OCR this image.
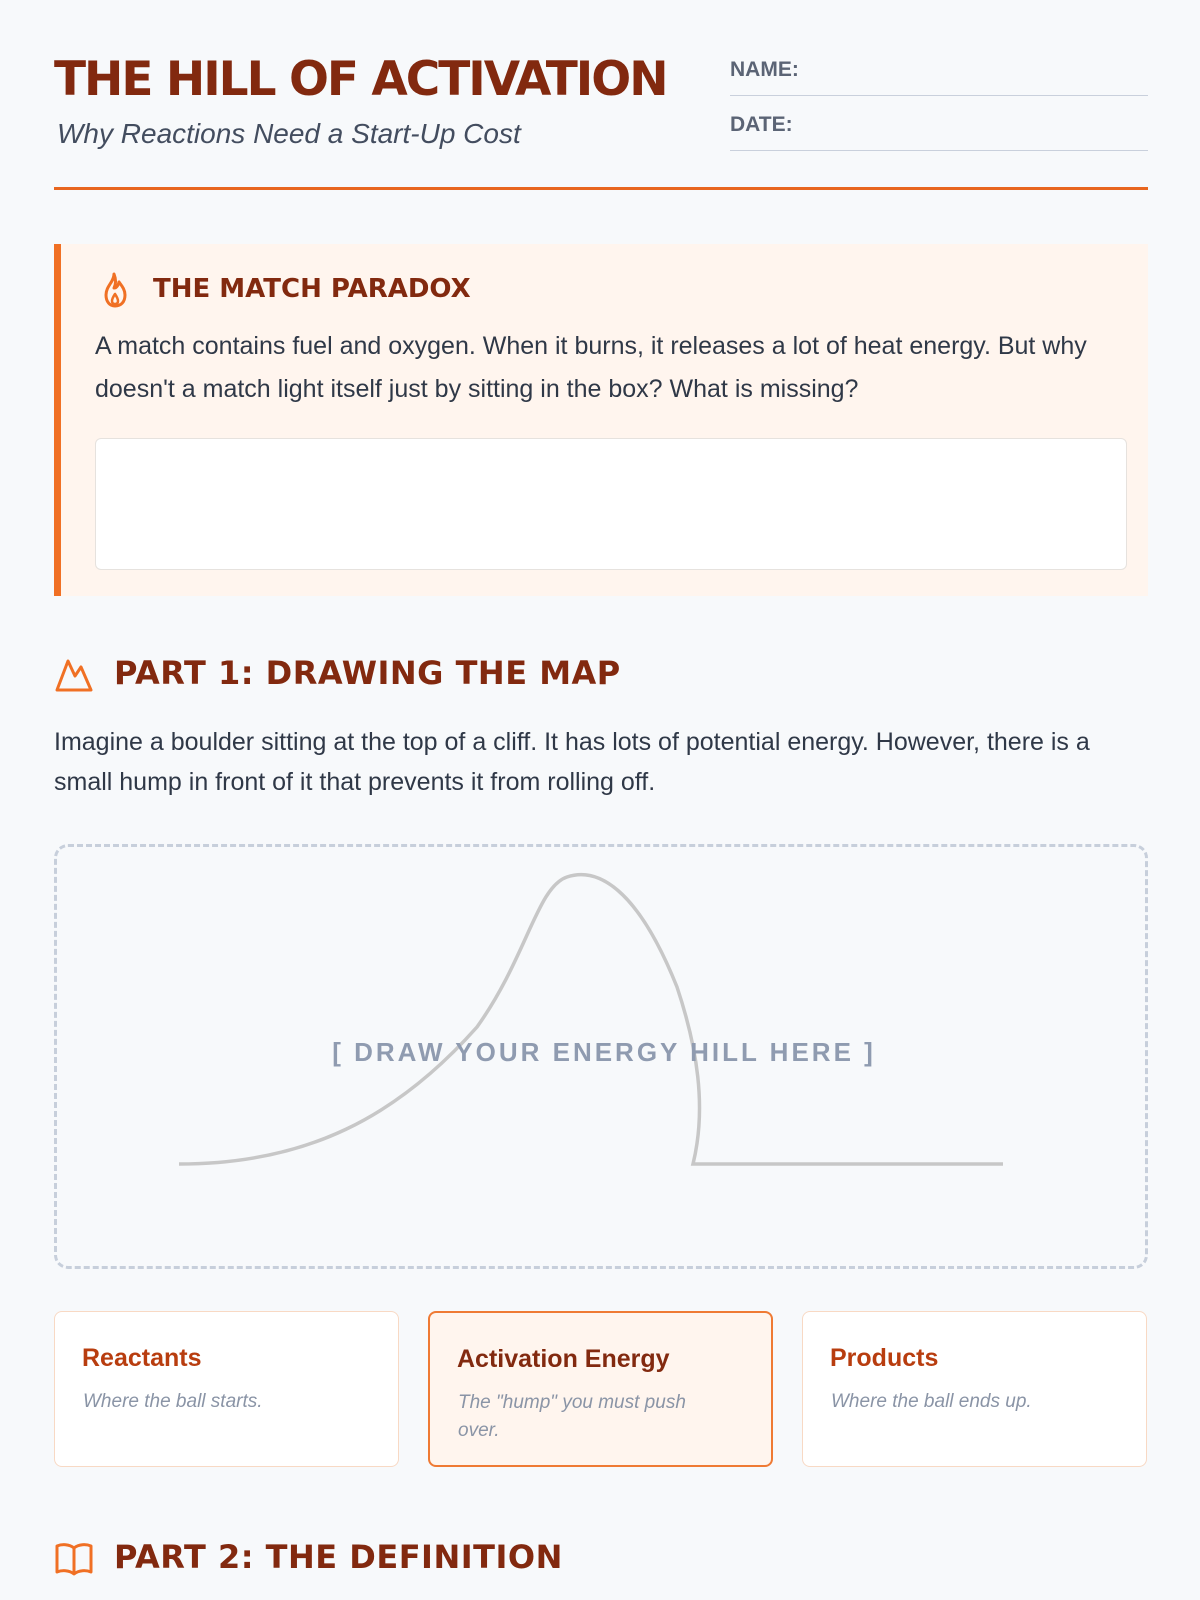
THE HILL OF ACTIVATION
Why Reactions Need a Start-Up Cost
NAME:
DATE:
THE MATCH PARADOX
A match contains fuel and oxygen. When it burns, it releases a lot of heat energy. But why doesn't a match light itself just by sitting in the box? What is missing?
PART 1: DRAWING THE MAP
Imagine a boulder sitting at the top of a cliff. It has lots of potential energy. However, there is a small hump in front of it that prevents it from rolling off.
[ DRAW YOUR ENERGY HILL HERE ]
Reactants
Where the ball starts.
Activation Energy
The "hump" you must push over.
Products
Where the ball ends up.
PART 2: THE DEFINITION
